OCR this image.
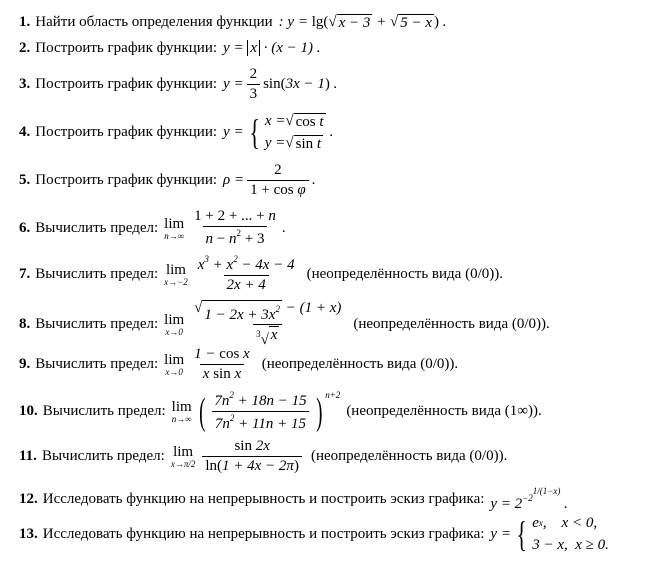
1. Найти область определения функции : y = lg( √ x − 3 + √ 5 − x ) .
2. Построить график функции: y = x · (x − 1) .
3. Построить график функции: $y = \frac{2}{3} \sin(3x - 1)$ .
4. Построить график функции: y = { x = √ cos t
y = √ sin t
.
5. Построить график функции: $\rho = \frac{2}{\text{1 + cos φ}}$ .
6. Вычислить предел: lim
$n\to\infty \frac{1 + 2 + ... + n}{n - n^2 + 3}$ .
7. Вычислить предел: lim
$x\to-2 \frac{x^3 + x^2 - 4x - 4}{2x + 4}$ (неопределённость вида (0/0)).
8. Вычислить предел: lim
$x\to 0 \frac{√ 1 - 2x + 3x^2 - (1 + x)}{^3√ x}$ (неопределённость вида (0/0)).
9. Вычислить предел: lim
$x\to 0 \frac{\text{1 − cos x}}{\text{x sin x}}$ (неопределённость вида (0/0)).
10. Вычислить предел: lim
n→∞ ( $\frac{7n^2 + 18n - 15}{7n^2 + 11n + 15}$ ) n+2
(неопределённость вида (1∞)).
11. Вычислить предел: lim
$x\to\pi/2 \frac{\sin 2x}{\ln(1 + 4x - 2\pi)}$ (неопределённость вида (0/0)).
12. Исследовать функцию на непрерывность и построить эскиз графика: $y = 2^{-2^{1/(1-x)}}$ .
13. Исследовать функцию на непрерывность и построить эскиз графика: y = { e x ,    x < 0,
3 − x,  x ≥ 0.
